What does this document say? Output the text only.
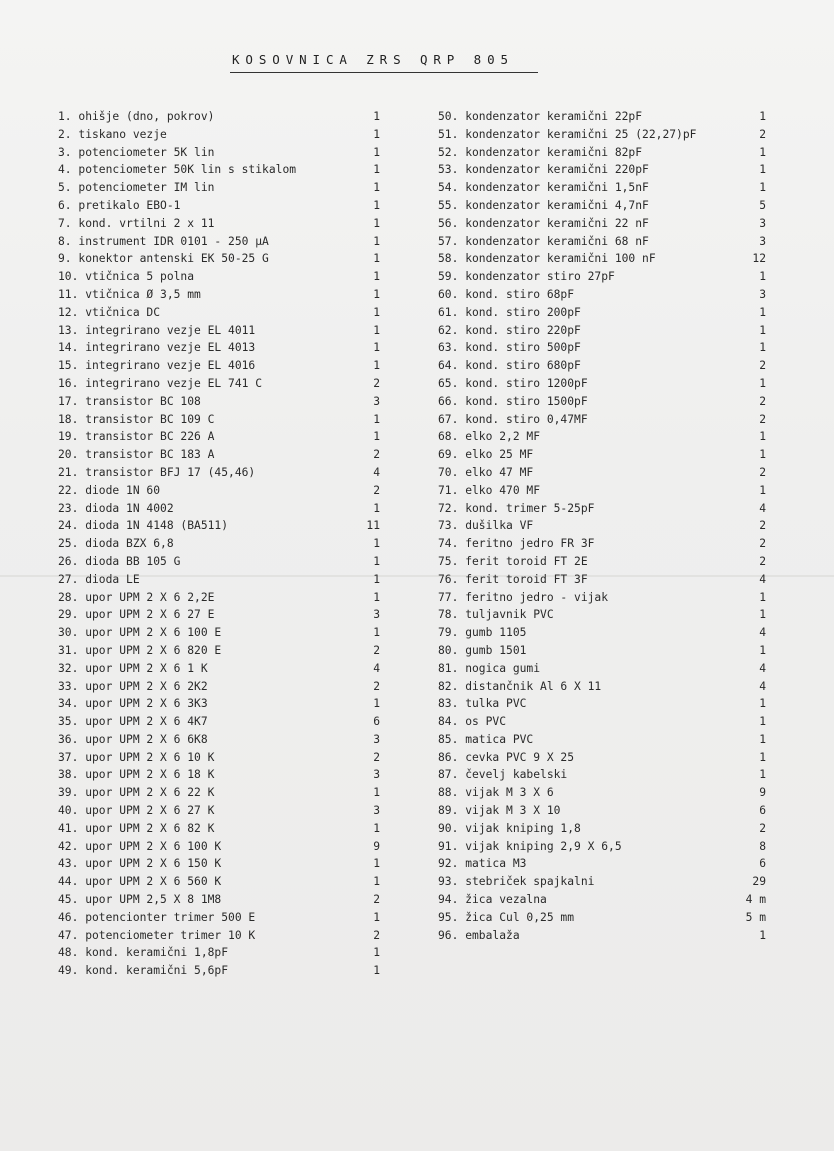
KOSOVNICA ZRS QRP 805
1. ohišje (dno, pokrov)	1
2. tiskano vezje	1
3. potenciometer 5K lin	1
4. potenciometer 50K lin s stikalom	1
5. potenciometer IM lin	1
6. pretikalo EBO-1	1
7. kond. vrtilni 2 x 11	1
8. instrument IDR 0101 - 250 µA	1
9. konektor antenski EK 50-25 G	1
10. vtičnica 5 polna	1
11. vtičnica Ø 3,5 mm	1
12. vtičnica DC	1
13. integrirano vezje EL 4011	1
14. integrirano vezje EL 4013	1
15. integrirano vezje EL 4016	1
16. integrirano vezje EL 741 C	2
17. transistor BC 108	3
18. transistor BC 109 C	1
19. transistor BC 226 A	1
20. transistor BC 183 A	2
21. transistor BFJ 17 (45,46)	4
22. diode 1N 60	2
23. dioda 1N 4002	1
24. dioda 1N 4148 (BA511)	11
25. dioda BZX 6,8	1
26. dioda BB 105 G	1
27. dioda LE	1
28. upor UPM 2 X 6 2,2E	1
29. upor UPM 2 X 6 27 E	3
30. upor UPM 2 X 6 100 E	1
31. upor UPM 2 X 6 820 E	2
32. upor UPM 2 X 6 1 K	4
33. upor UPM 2 X 6 2K2	2
34. upor UPM 2 X 6 3K3	1
35. upor UPM 2 X 6 4K7	6
36. upor UPM 2 X 6 6K8	3
37. upor UPM 2 X 6 10 K	2
38. upor UPM 2 X 6 18 K	3
39. upor UPM 2 X 6 22 K	1
40. upor UPM 2 X 6 27 K	3
41. upor UPM 2 X 6 82 K	1
42. upor UPM 2 X 6 100 K	9
43. upor UPM 2 X 6 150 K	1
44. upor UPM 2 X 6 560 K	1
45. upor UPM 2,5 X 8 1M8	2
46. potencionter trimer 500 E	1
47. potenciometer trimer 10 K	2
48. kond. keramični 1,8pF	1
49. kond. keramični 5,6pF	1
50. kondenzator keramični 22pF	1
51. kondenzator keramični 25 (22,27)pF	2
52. kondenzator keramični 82pF	1
53. kondenzator keramični 220pF	1
54. kondenzator keramični 1,5nF	1
55. kondenzator keramični 4,7nF	5
56. kondenzator keramični 22 nF	3
57. kondenzator keramični 68 nF	3
58. kondenzator keramični 100 nF	12
59. kondenzator stiro 27pF	1
60. kond. stiro 68pF	3
61. kond. stiro 200pF	1
62. kond. stiro 220pF	1
63. kond. stiro 500pF	1
64. kond. stiro 680pF	2
65. kond. stiro 1200pF	1
66. kond. stiro 1500pF	2
67. kond. stiro 0,47MF	2
68. elko 2,2 MF	1
69. elko 25 MF	1
70. elko 47 MF	2
71. elko 470 MF	1
72. kond. trimer 5-25pF	4
73. dušilka VF	2
74. feritno jedro FR 3F	2
75. ferit toroid FT 2E	2
76. ferit toroid FT 3F	4
77. feritno jedro - vijak	1
78. tuljavnik PVC	1
79. gumb 1105	4
80. gumb 1501	1
81. nogica gumi	4
82. distančnik Al 6 X 11	4
83. tulka PVC	1
84. os PVC	1
85. matica PVC	1
86. cevka PVC 9 X 25	1
87. čevelj kabelski	1
88. vijak M 3 X 6	9
89. vijak M 3 X 10	6
90. vijak kniping 1,8	2
91. vijak kniping 2,9 X 6,5	8
92. matica M3	6
93. stebriček spajkalni	29
94. žica vezalna	4 m
95. žica Cul 0,25 mm	5 m
96. embalaža	1
